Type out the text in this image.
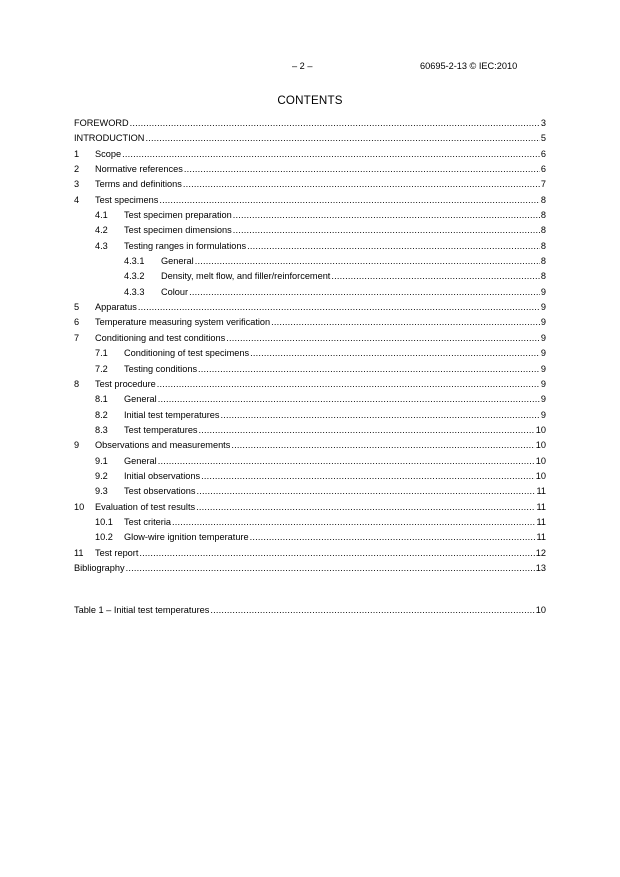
– 2 –	60695-2-13 © IEC:2010
CONTENTS
FOREWORD .....	3
INTRODUCTION .....	5
1	Scope .....	6
2	Normative references .....	6
3	Terms and definitions .....	7
4	Test specimens .....	8
4.1	Test specimen preparation .....	8
4.2	Test specimen dimensions .....	8
4.3	Testing ranges in formulations .....	8
4.3.1	General .....	8
4.3.2	Density, melt flow, and filler/reinforcement .....	8
4.3.3	Colour .....	9
5	Apparatus .....	9
6	Temperature measuring system verification .....	9
7	Conditioning and test conditions .....	9
7.1	Conditioning of test specimens .....	9
7.2	Testing conditions .....	9
8	Test procedure .....	9
8.1	General .....	9
8.2	Initial test temperatures .....	9
8.3	Test temperatures .....	10
9	Observations and measurements .....	10
9.1	General .....	10
9.2	Initial observations .....	10
9.3	Test observations .....	11
10	Evaluation of test results .....	11
10.1	Test criteria .....	11
10.2	Glow-wire ignition temperature .....	11
11	Test report .....	12
Bibliography .....	13
Table 1 – Initial test temperatures .....	10
